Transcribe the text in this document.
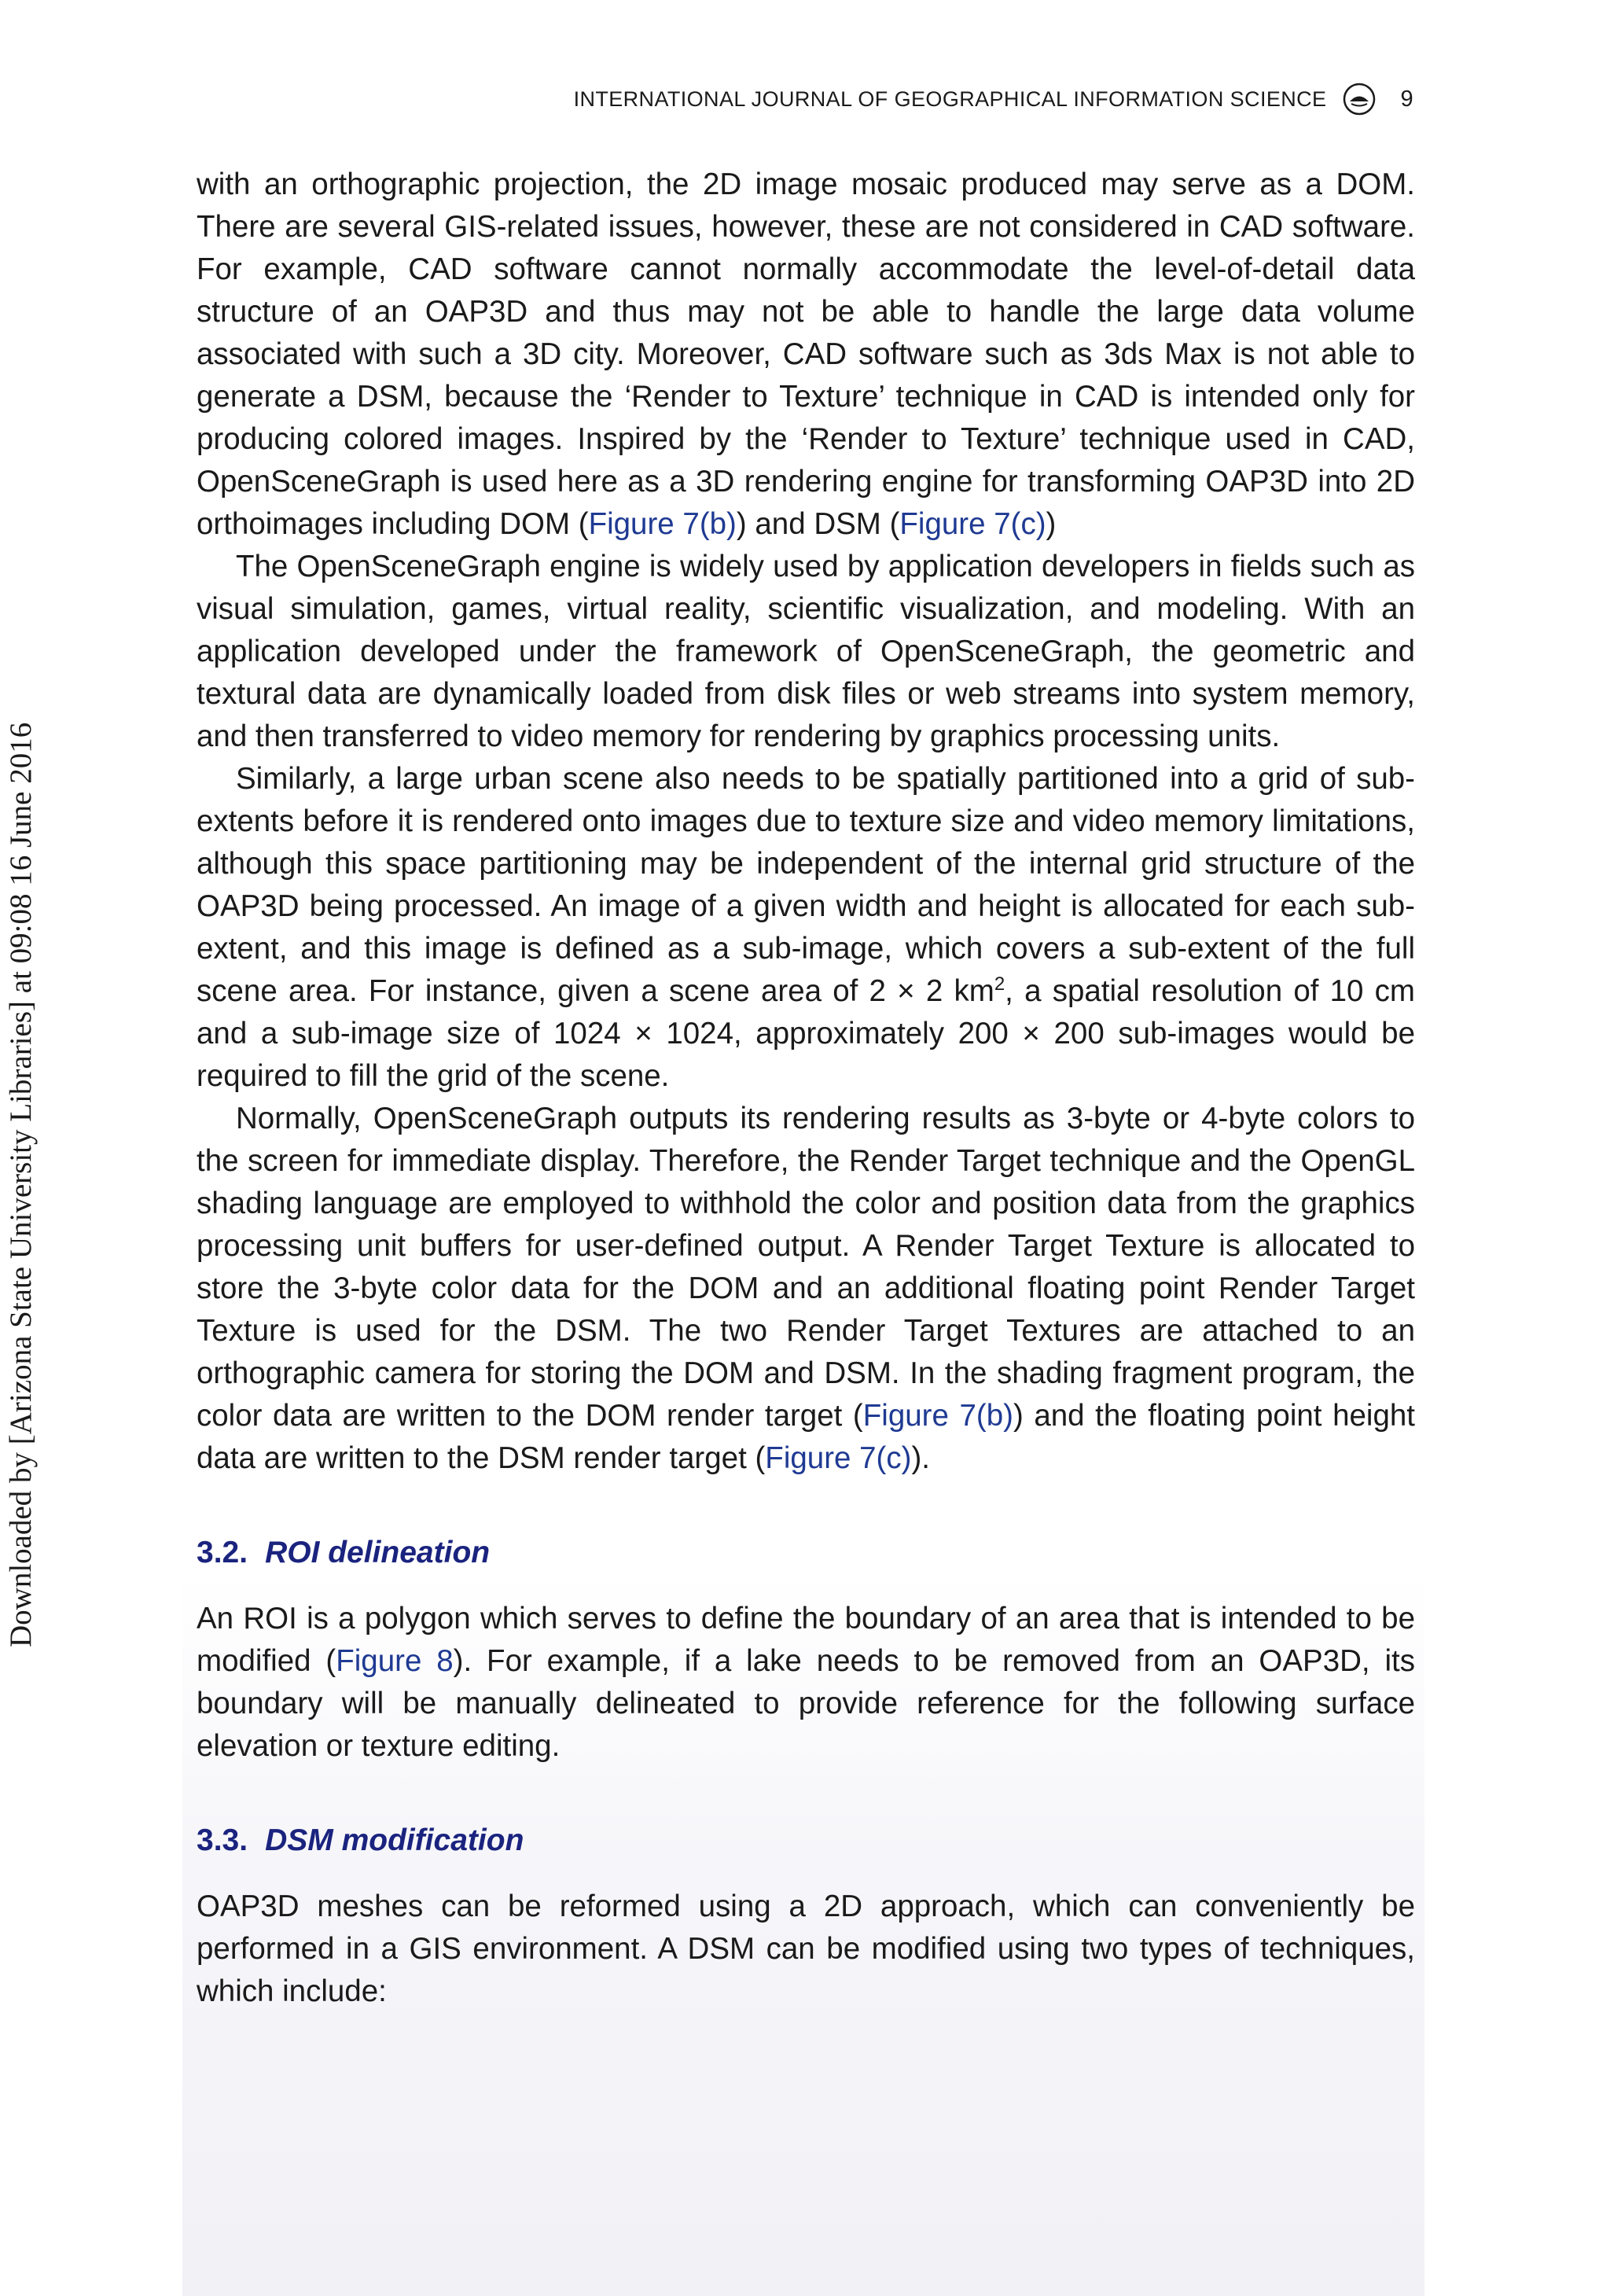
INTERNATIONAL JOURNAL OF GEOGRAPHICAL INFORMATION SCIENCE	9
Downloaded by [Arizona State University Libraries] at 09:08 16 June 2016

with an orthographic projection, the 2D image mosaic produced may serve as a DOM. There are several GIS-related issues, however, these are not considered in CAD software. For example, CAD software cannot normally accommodate the level-of-detail data structure of an OAP3D and thus may not be able to handle the large data volume associated with such a 3D city. Moreover, CAD software such as 3ds Max is not able to generate a DSM, because the ‘Render to Texture’ technique in CAD is intended only for producing colored images. Inspired by the ‘Render to Texture’ technique used in CAD, OpenSceneGraph is used here as a 3D rendering engine for transforming OAP3D into 2D orthoimages including DOM (Figure 7(b)) and DSM (Figure 7(c))

The OpenSceneGraph engine is widely used by application developers in fields such as visual simulation, games, virtual reality, scientific visualization, and modeling. With an application developed under the framework of OpenSceneGraph, the geometric and textural data are dynamically loaded from disk files or web streams into system memory, and then transferred to video memory for rendering by graphics processing units.

Similarly, a large urban scene also needs to be spatially partitioned into a grid of sub-extents before it is rendered onto images due to texture size and video memory limitations, although this space partitioning may be independent of the internal grid structure of the OAP3D being processed. An image of a given width and height is allocated for each sub-extent, and this image is defined as a sub-image, which covers a sub-extent of the full scene area. For instance, given a scene area of 2 × 2 $km^2$, a spatial resolution of 10 cm and a sub-image size of 1024 × 1024, approximately 200 × 200 sub-images would be required to fill the grid of the scene.

Normally, OpenSceneGraph outputs its rendering results as 3-byte or 4-byte colors to the screen for immediate display. Therefore, the Render Target technique and the OpenGL shading language are employed to withhold the color and position data from the graphics processing unit buffers for user-defined output. A Render Target Texture is allocated to store the 3-byte color data for the DOM and an additional floating point Render Target Texture is used for the DSM. The two Render Target Textures are attached to an orthographic camera for storing the DOM and DSM. In the shading fragment program, the color data are written to the DOM render target (Figure 7(b)) and the floating point height data are written to the DSM render target (Figure 7(c)).

3.2. ROI delineation

An ROI is a polygon which serves to define the boundary of an area that is intended to be modified (Figure 8). For example, if a lake needs to be removed from an OAP3D, its boundary will be manually delineated to provide reference for the following surface elevation or texture editing.

3.3. DSM modification

OAP3D meshes can be reformed using a 2D approach, which can conveniently be performed in a GIS environment. A DSM can be modified using two types of techniques, which include:
